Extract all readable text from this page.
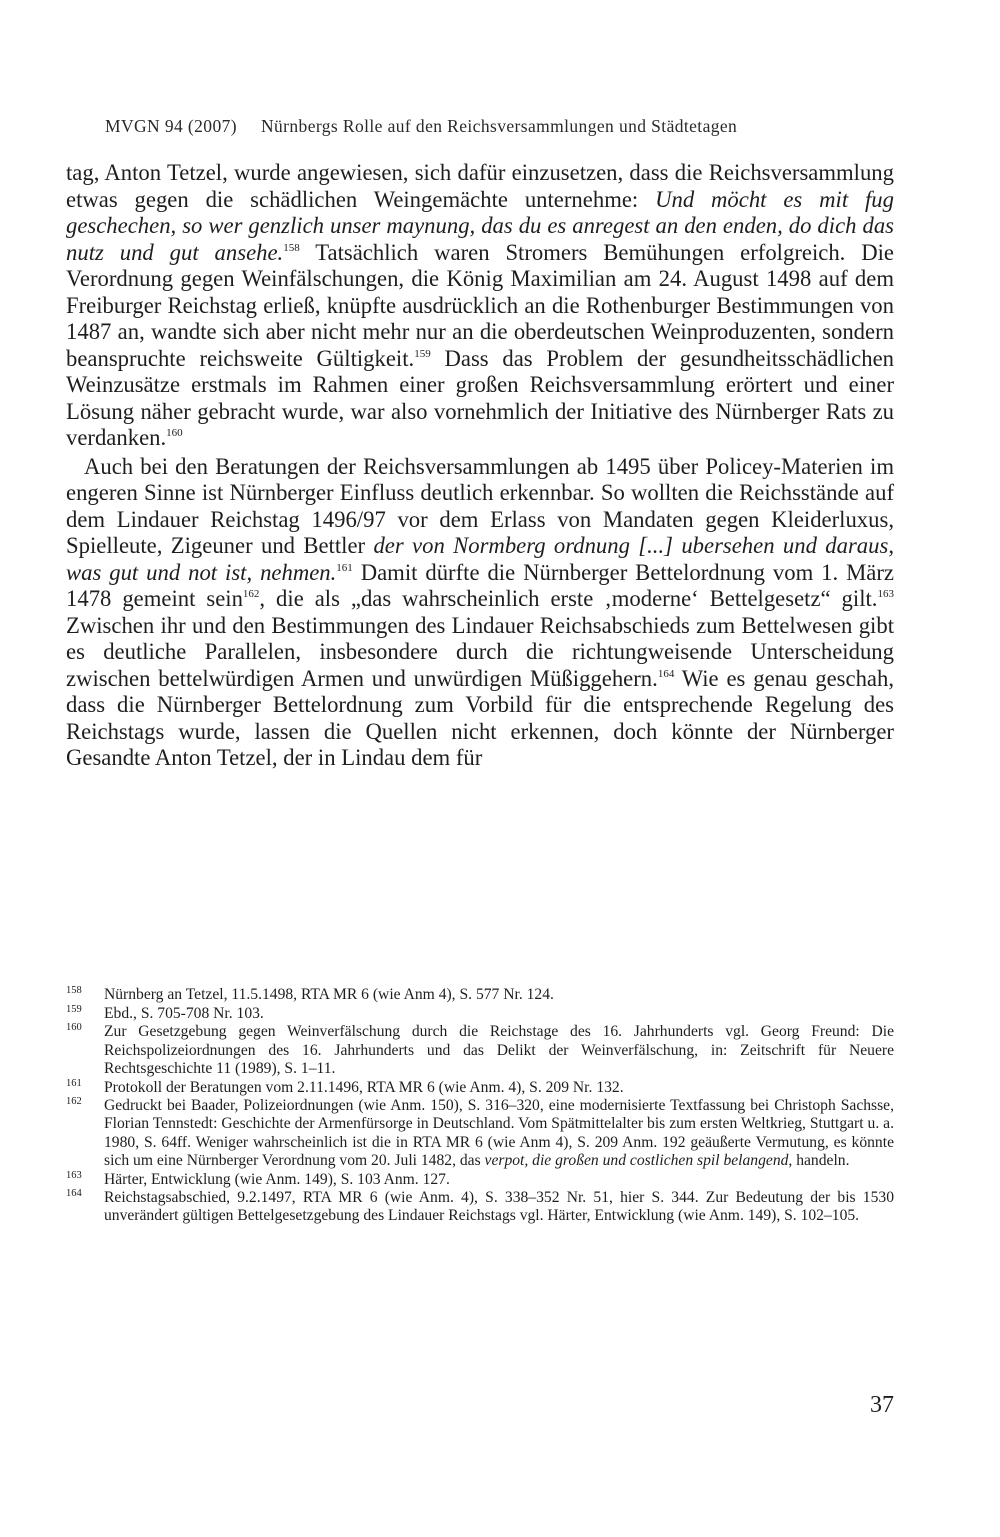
MVGN 94 (2007) Nürnbergs Rolle auf den Reichsversammlungen und Städtetagen

tag, Anton Tetzel, wurde angewiesen, sich dafür einzusetzen, dass die Reichsversammlung etwas gegen die schädlichen Weingemächte unternehme: Und möcht es mit fug geschechen, so wer genzlich unser maynung, das du es anregest an den enden, do dich das nutz und gut ansehe.$^{158}$ Tatsächlich waren Stromers Bemühungen erfolgreich. Die Verordnung gegen Weinfälschungen, die König Maximilian am 24. August 1498 auf dem Freiburger Reichstag erließ, knüpfte ausdrücklich an die Rothenburger Bestimmungen von 1487 an, wandte sich aber nicht mehr nur an die oberdeutschen Weinproduzenten, sondern beanspruchte reichsweite Gültigkeit.$^{159}$ Dass das Problem der gesundheitsschädlichen Weinzusätze erstmals im Rahmen einer großen Reichsversammlung erörtert und einer Lösung näher gebracht wurde, war also vornehmlich der Initiative des Nürnberger Rats zu verdanken.$^{160}$

Auch bei den Beratungen der Reichsversammlungen ab 1495 über Policey-Materien im engeren Sinne ist Nürnberger Einfluss deutlich erkennbar. So wollten die Reichsstände auf dem Lindauer Reichstag 1496/97 vor dem Erlass von Mandaten gegen Kleiderluxus, Spielleute, Zigeuner und Bettler der von Normberg ordnung [...] ubersehen und daraus, was gut und not ist, nehmen.$^{161}$ Damit dürfte die Nürnberger Bettelordnung vom 1. März 1478 gemeint sein$^{162}$, die als „das wahrscheinlich erste ‚moderne‘ Bettelgesetz“ gilt.$^{163}$ Zwischen ihr und den Bestimmungen des Lindauer Reichsabschieds zum Bettelwesen gibt es deutliche Parallelen, insbesondere durch die richtungweisende Unterscheidung zwischen bettelwürdigen Armen und unwürdigen Müßiggehern.$^{164}$ Wie es genau geschah, dass die Nürnberger Bettelordnung zum Vorbild für die entsprechende Regelung des Reichstags wurde, lassen die Quellen nicht erkennen, doch könnte der Nürnberger Gesandte Anton Tetzel, der in Lindau dem für

158 Nürnberg an Tetzel, 11.5.1498, RTA MR 6 (wie Anm 4), S. 577 Nr. 124.
159 Ebd., S. 705-708 Nr. 103.
160 Zur Gesetzgebung gegen Weinverfälschung durch die Reichstage des 16. Jahrhunderts vgl. Georg Freund: Die Reichspolizeiordnungen des 16. Jahrhunderts und das Delikt der Weinverfälschung, in: Zeitschrift für Neuere Rechtsgeschichte 11 (1989), S. 1–11.
161 Protokoll der Beratungen vom 2.11.1496, RTA MR 6 (wie Anm. 4), S. 209 Nr. 132.
162 Gedruckt bei Baader, Polizeiordnungen (wie Anm. 150), S. 316–320, eine modernisierte Textfassung bei Christoph Sachsse, Florian Tennstedt: Geschichte der Armenfürsorge in Deutschland. Vom Spätmittelalter bis zum ersten Weltkrieg, Stuttgart u. a. 1980, S. 64ff. Weniger wahrscheinlich ist die in RTA MR 6 (wie Anm 4), S. 209 Anm. 192 geäußerte Vermutung, es könnte sich um eine Nürnberger Verordnung vom 20. Juli 1482, das verpot, die großen und costlichen spil belangend, handeln.
163 Härter, Entwicklung (wie Anm. 149), S. 103 Anm. 127.
164 Reichstagsabschied, 9.2.1497, RTA MR 6 (wie Anm. 4), S. 338–352 Nr. 51, hier S. 344. Zur Bedeutung der bis 1530 unverändert gültigen Bettelgesetzgebung des Lindauer Reichstags vgl. Härter, Entwicklung (wie Anm. 149), S. 102–105.
37
